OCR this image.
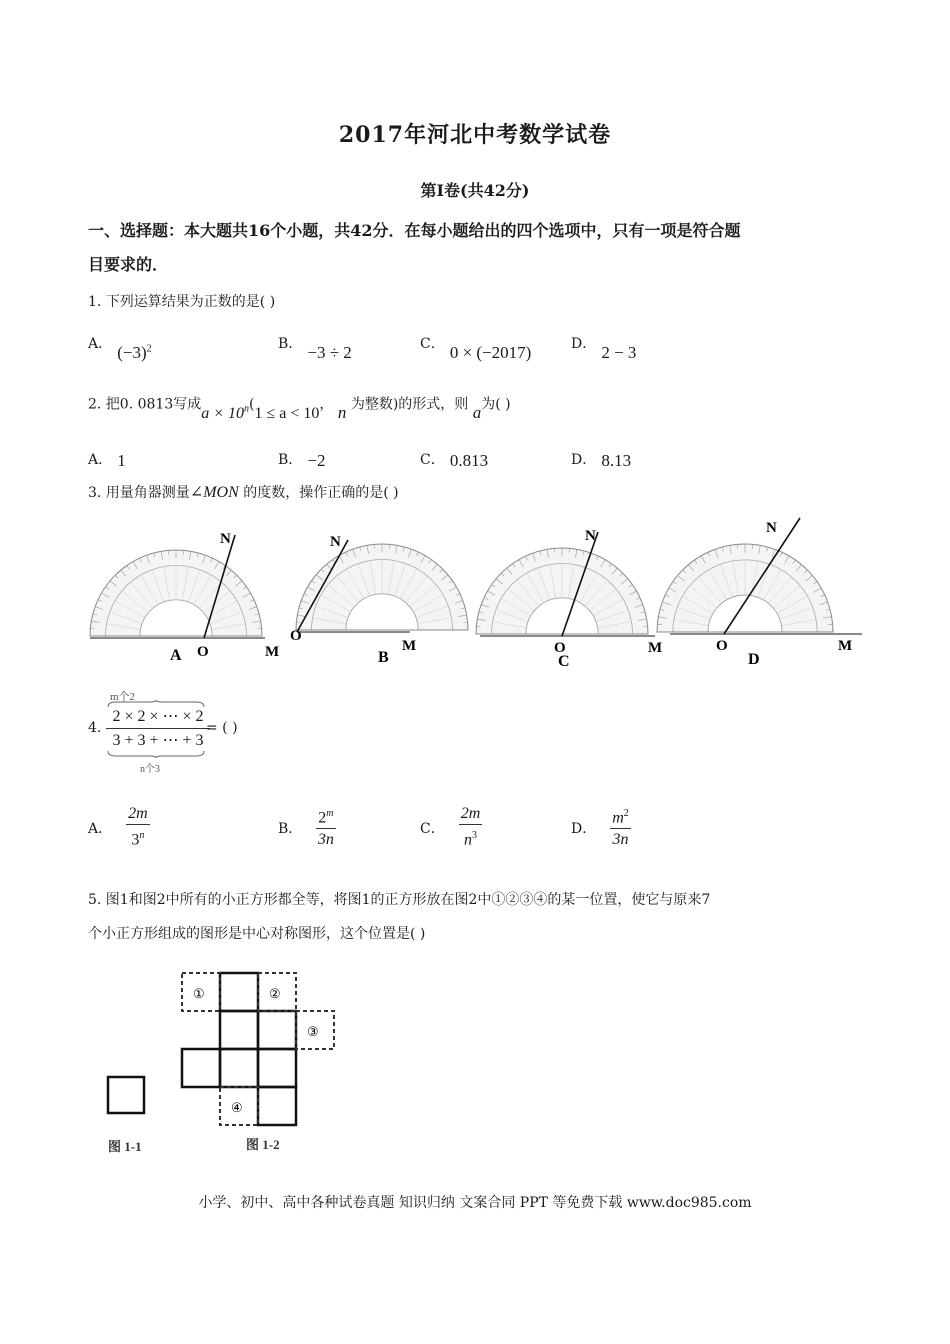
2017年河北中考数学试卷
第Ⅰ卷(共42分)
一、选择题：本大题共16个小题，共42分．在每小题给出的四个选项中，只有一项是符合题
目要求的．
1. 下列运算结果为正数的是( )
A． $(-3)^2$	B． −3 ÷ 2	C． 0 × (−2017)	D． 2 − 3
2. 把0. 0813写成$a \times 10^n(1 \le a < 10$， n 为整数)的形式，则 a为( )
A． 1	B． −2	C． 0.813	D． 8.13
3. 用量角器测量∠MON 的度数，操作正确的是( )
N
O	M
A
N
O
M
B
N
O	M
C
N
O	M
D
4.
m个2
2 × 2 × ⋯ × 2
3 + 3 + ⋯ + 3
n个3
= ( )
A． $\frac{2m}{3^n}$	B． $\frac{2^m}{3n}$	C． $\frac{2m}{n^3}$	D． $\frac{m^2}{3n}$
5. 图1和图2中所有的小正方形都全等，将图1的正方形放在图2中①②③④的某一位置，使它与原来7
个小正方形组成的图形是中心对称图形，这个位置是( )
图 1-1
①	②
③
④
图 1-2
小学、初中、高中各种试卷真题 知识归纳 文案合同 PPT 等免费下载 www.doc985.com
